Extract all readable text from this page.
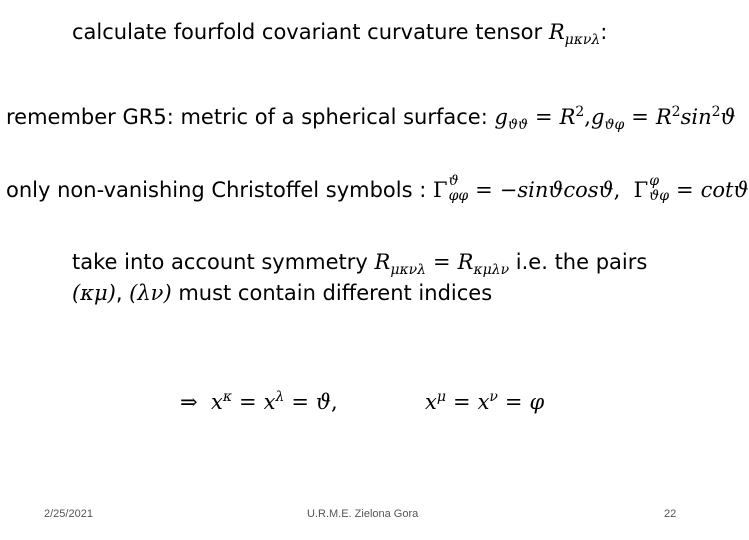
calculate fourfold covariant curvature tensor $R_{\mu\kappa\nu\lambda}$:
remember GR5: metric of a spherical surface: $g_{ϑϑ} = R^2,g_{ϑ\varphi} = R^2\sin^2ϑ$
only non-vanishing Christoffel symbols : Γ ϑ
φφ = −sinϑcosϑ, Γ φ
ϑφ = cotϑ
take into account symmetry $R_{\mu\kappa\nu\lambda} = R_{\kappa\mu\lambda\nu}$ i.e. the pairs
(κμ), (λν) must contain different indices
⇒ $x^\kappa = x^\lambda = ϑ$,	$x^\mu = x^\nu = \varphi$
2/25/2021	U.R.M.E. Zielona Gora	22
